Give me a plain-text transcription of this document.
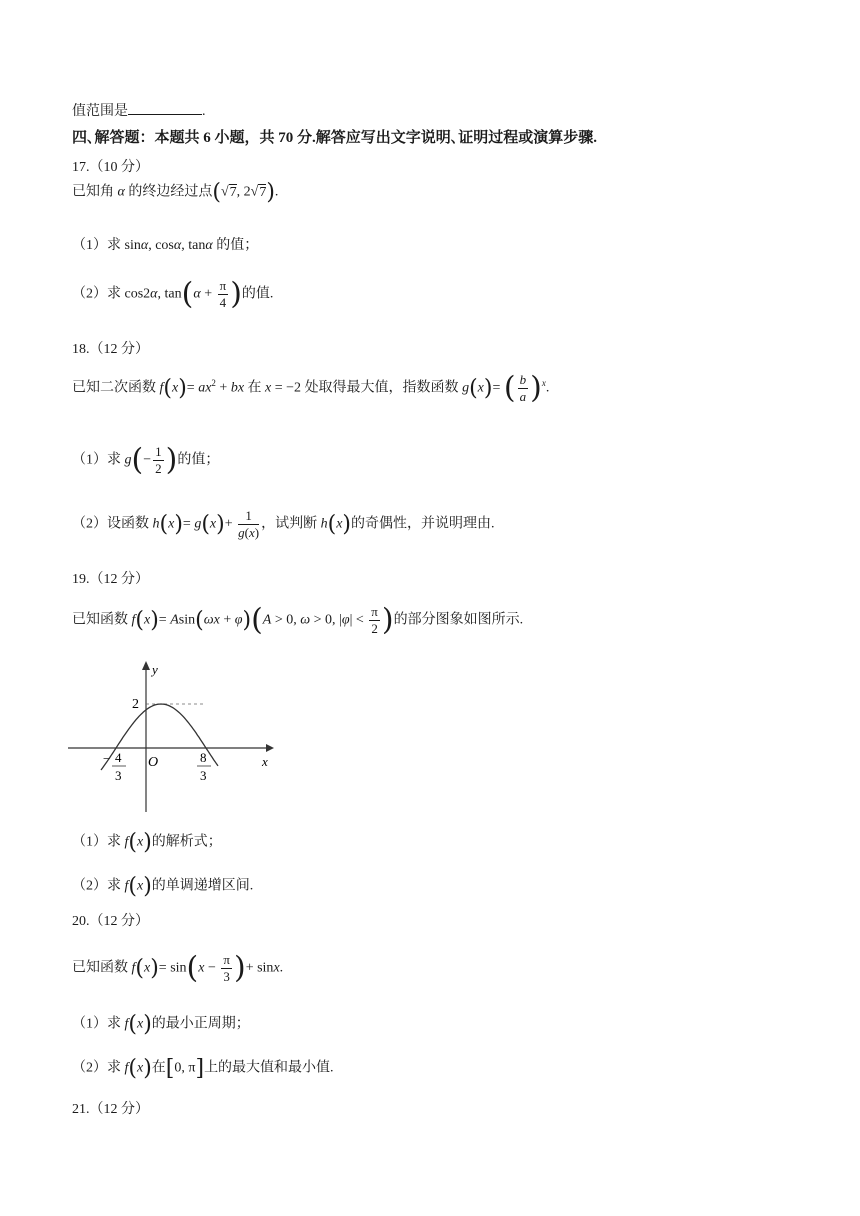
值范围是	.
四､解答题：本题共 6 小题，共 70 分.解答应写出文字说明､证明过程或演算步骤.
17.（10 分）
已知角 α 的终边经过点(√7, 2√7).
（1）求 sinα, cosα, tanα 的值；
（2）求 cos2α, $\tan(\alpha + \frac{\pi}{4}$ )的值.
18.（12 分）
已知二次函数 $f(x)= ax^2$ + bx 在 x = −2 处取得最大值，指数函数 g(x)= ( $\frac{b}{a} )^x$.
（1）求 $g(- \frac{1}{2}$ )的值；
（2）设函数 $h(x)= g(x)+ \frac{1}{g(x)}$ ，试判断 h(x)的奇偶性，并说明理由.
19.（12 分）
已知函数 f(x)= Asin(ωx + φ)(A > 0, ω > 0, $|\varphi| < \frac{\pi}{2}$ )的部分图象如图所示.
y
x
O
2
− 4
3
8
3
（1）求 f(x)的解析式；
（2）求 f(x)的单调递增区间.
20.（12 分）
已知函数 $f(x)= \sin(x - \frac{\pi}{3}$ )+ sinx.
（1）求 f(x)的最小正周期；
（2）求 f(x)在[0, π]上的最大值和最小值.
21.（12 分）
